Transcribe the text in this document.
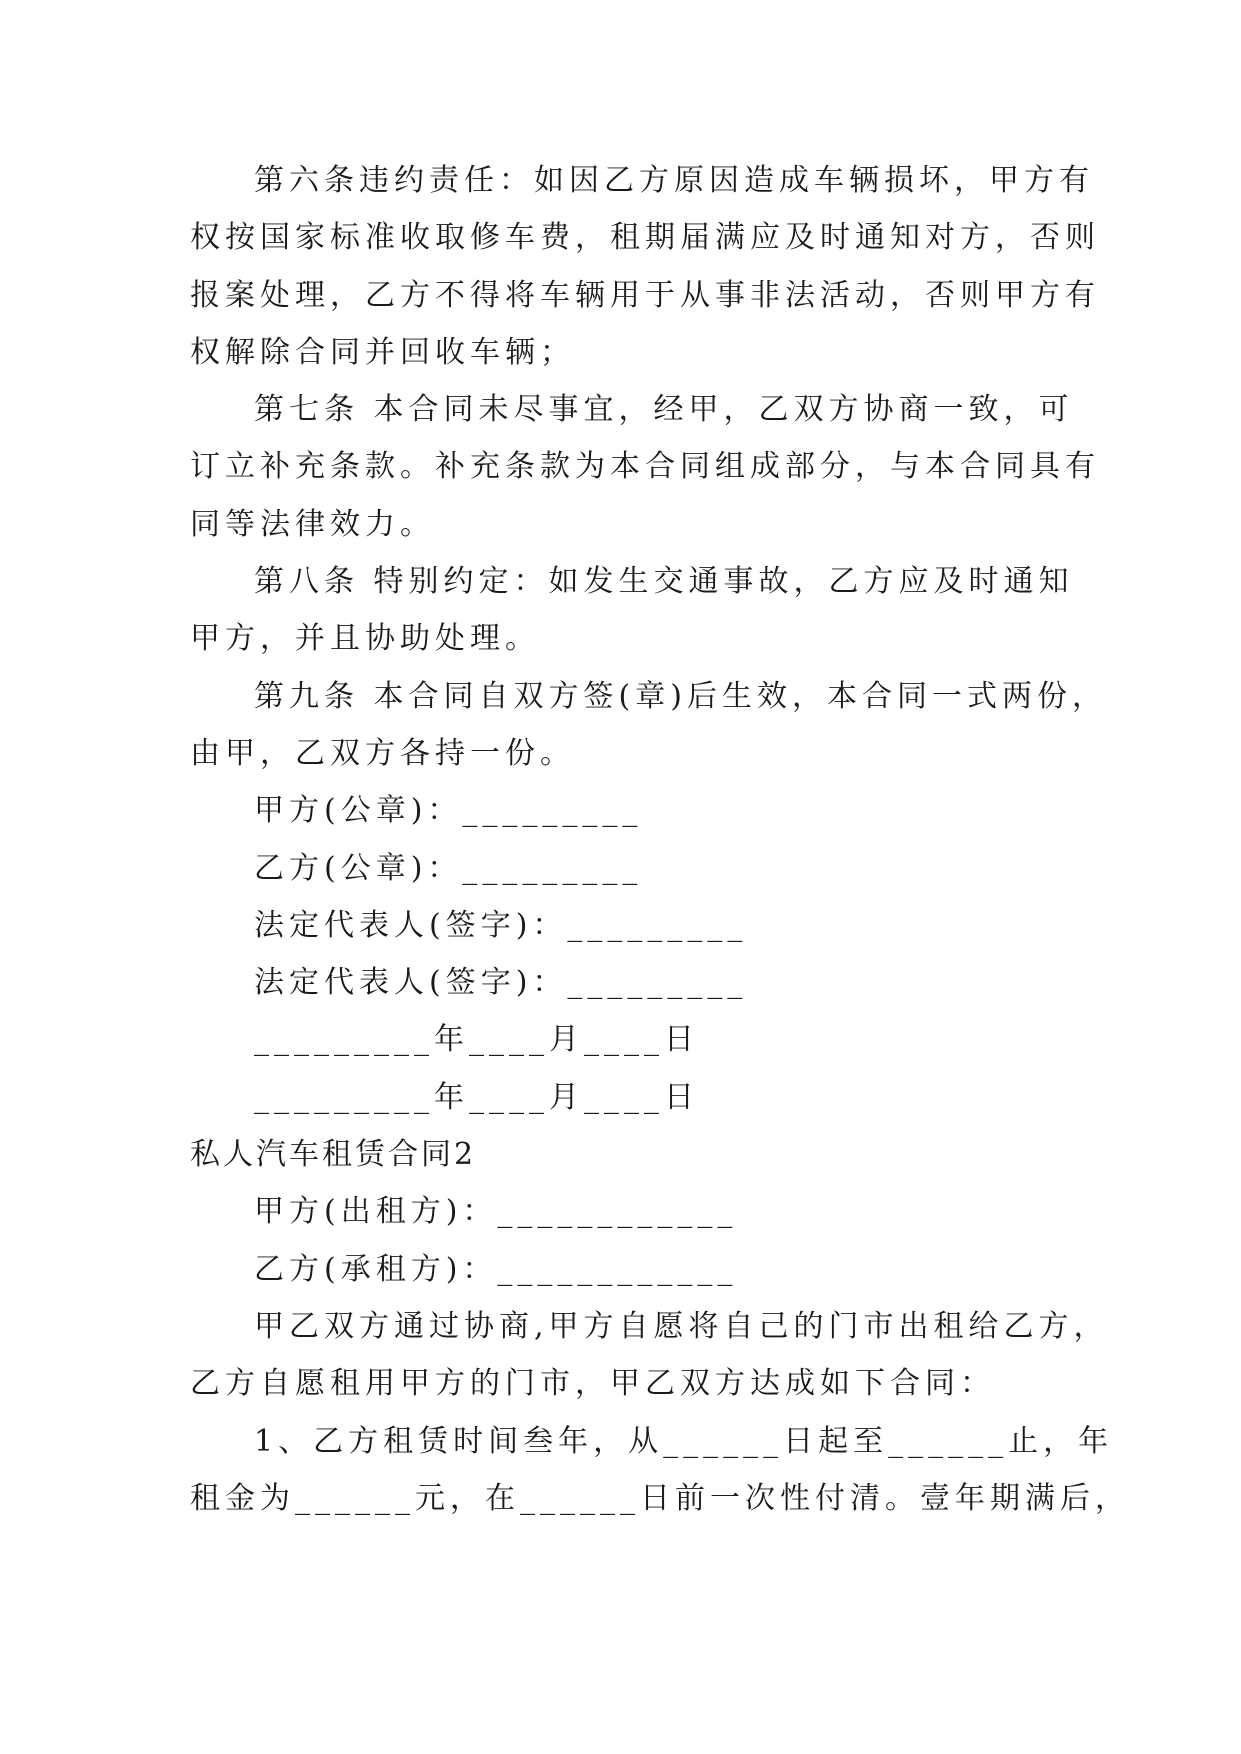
第六条违约责任：如因乙方原因造成车辆损坏，甲方有
权按国家标准收取修车费，租期届满应及时通知对方，否则
报案处理，乙方不得将车辆用于从事非法活动，否则甲方有
权解除合同并回收车辆；
第七条 本合同未尽事宜，经甲，乙双方协商一致，可
订立补充条款。补充条款为本合同组成部分，与本合同具有
同等法律效力。
第八条 特别约定：如发生交通事故，乙方应及时通知
甲方，并且协助处理。
第九条 本合同自双方签(章)后生效，本合同一式两份，
由甲，乙双方各持一份。
甲方(公章)：_________
乙方(公章)：_________
法定代表人(签字)：_________
法定代表人(签字)：_________
_________年____月____日
_________年____月____日
私人汽车租赁合同2
甲方(出租方)：____________
乙方(承租方)：____________
甲乙双方通过协商,甲方自愿将自己的门市出租给乙方，
乙方自愿租用甲方的门市，甲乙双方达成如下合同：
1、乙方租赁时间叁年，从______日起至______止，年
租金为______元，在______日前一次性付清。壹年期满后，
